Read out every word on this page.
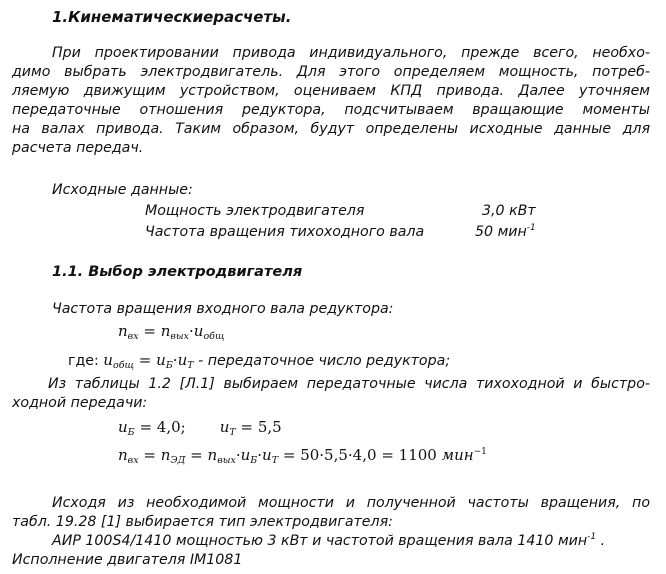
1.Кинематическиерасчеты.
При проектировании привода индивидуального, прежде всего, необхо-
димо выбрать электродвигатель. Для этого определяем мощность, потреб-
ляемую движущим устройством, оцениваем КПД привода. Далее уточняем
передаточные отношения редуктора, подсчитываем вращающие моменты
на валах привода. Таким образом, будут определены исходные данные для
расчета передач.
Исходные данные:
Мощность электродвигателя	3,0 кВт
Частота вращения тихоходного вала	50 мин$^{-1}$
1.1. Выбор электродвигателя
Частота вращения входного вала редуктора:
$n_{вх} = n_{вых}\cdot u_{общ}$
где: $u_{общ} = u_Б\cdot u_Т$ - передаточное число редуктора;
Из таблицы 1.2 [Л.1] выбираем передаточные числа тихоходной и быстро-
ходной передачи:
$u_Б = 4,0$; $u_Т = 5,5$
$n_{вх} = n_{ЭД} = n_{вых}\cdot u_Б\cdot u_Т = 50\cdot 5,5\cdot 4,0 = 1100$ мин$^{-1}$
Исходя из необходимой мощности и полученной частоты вращения, по
табл. 19.28 [1] выбирается тип электродвигателя:
АИР 100S4/1410 мощностью 3 кВт и частотой вращения вала 1410 мин$^{-1}$ .
Исполнение двигателя IM1081
